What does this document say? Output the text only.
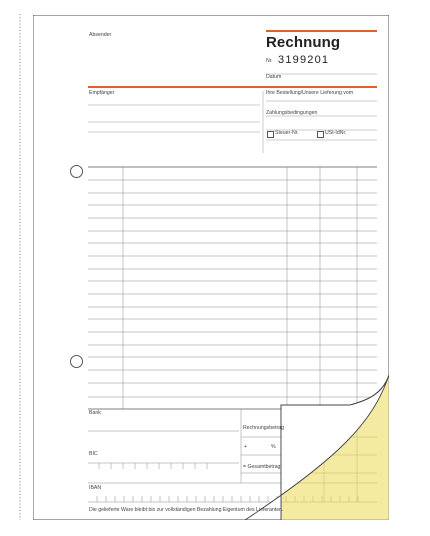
Absender	Rechnung
Nr. 3199201
Datum
Empfänger	Ihre Bestellung/Unsere Lieferung vom
Zahlungsbedingungen
Steuer-Nr.	USt-IdNr.
Bank
Rechnungsbetrag
+	%
BIC
= Gesamtbetrag
IBAN
Die gelieferte Ware bleibt bis zur vollständigen Bezahlung Eigentum des Lieferanten.
